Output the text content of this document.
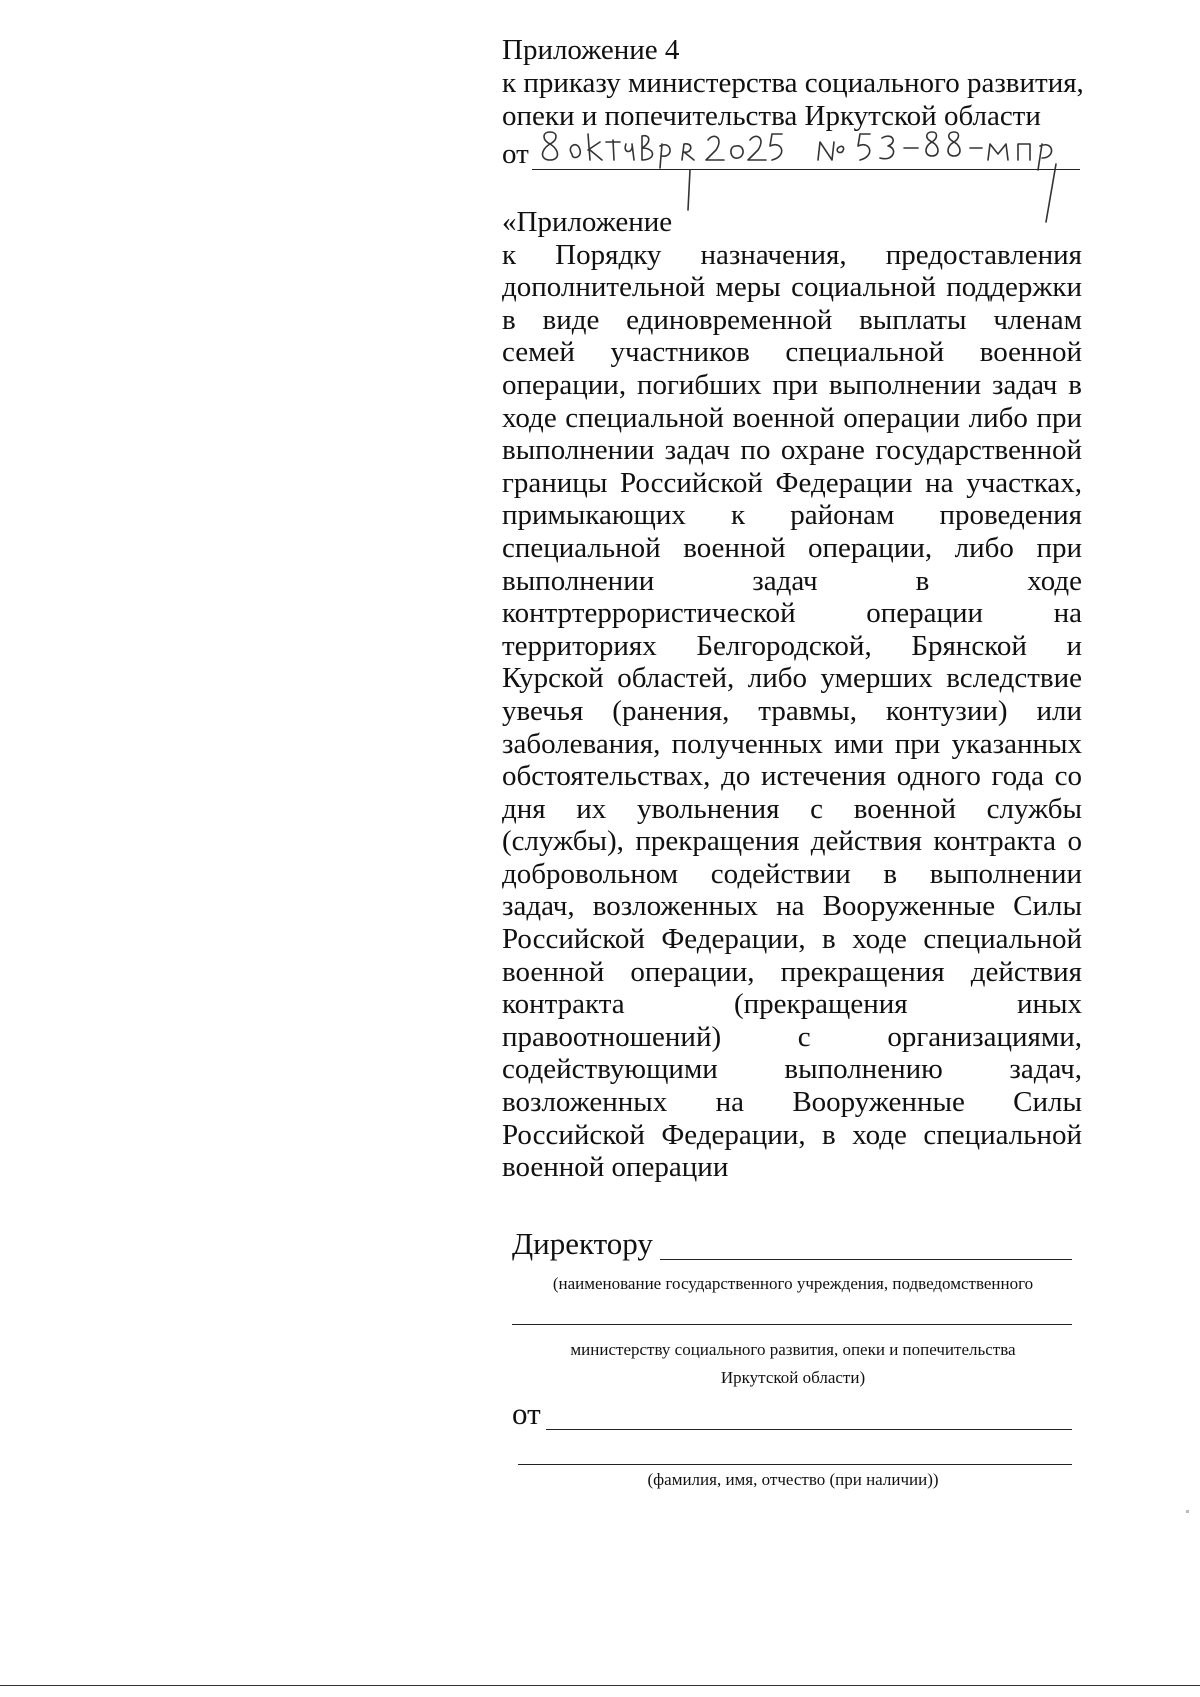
Приложение 4
к приказу министерства социального развития,
опеки и попечительства Иркутской области
от
«Приложение
к Порядку назначения, предоставления дополнительной меры социальной поддержки в виде единовременной выплаты членам семей участников специальной военной операции, погибших при выполнении задач в ходе специальной военной операции либо при выполнении задач по охране государственной границы Российской Федерации на участках, примыкающих к районам проведения специальной военной операции, либо при выполнении задач в ходе контртеррористической операции на территориях Белгородской, Брянской и Курской областей, либо умерших вследствие увечья (ранения, травмы, контузии) или заболевания, полученных ими при указанных обстоятельствах, до истечения одного года со дня их увольнения с военной службы (службы), прекращения действия контракта о добровольном содействии в выполнении задач, возложенных на Вооруженные Силы Российской Федерации, в ходе специальной военной операции, прекращения действия контракта (прекращения иных правоотношений) с организациями, содействующими выполнению задач, возложенных на Вооруженные Силы Российской Федерации, в ходе специальной военной операции
Директору
(наименование государственного учреждения, подведомственного
министерству социального развития, опеки и попечительства
Иркутской области)
от
(фамилия, имя, отчество (при наличии))
